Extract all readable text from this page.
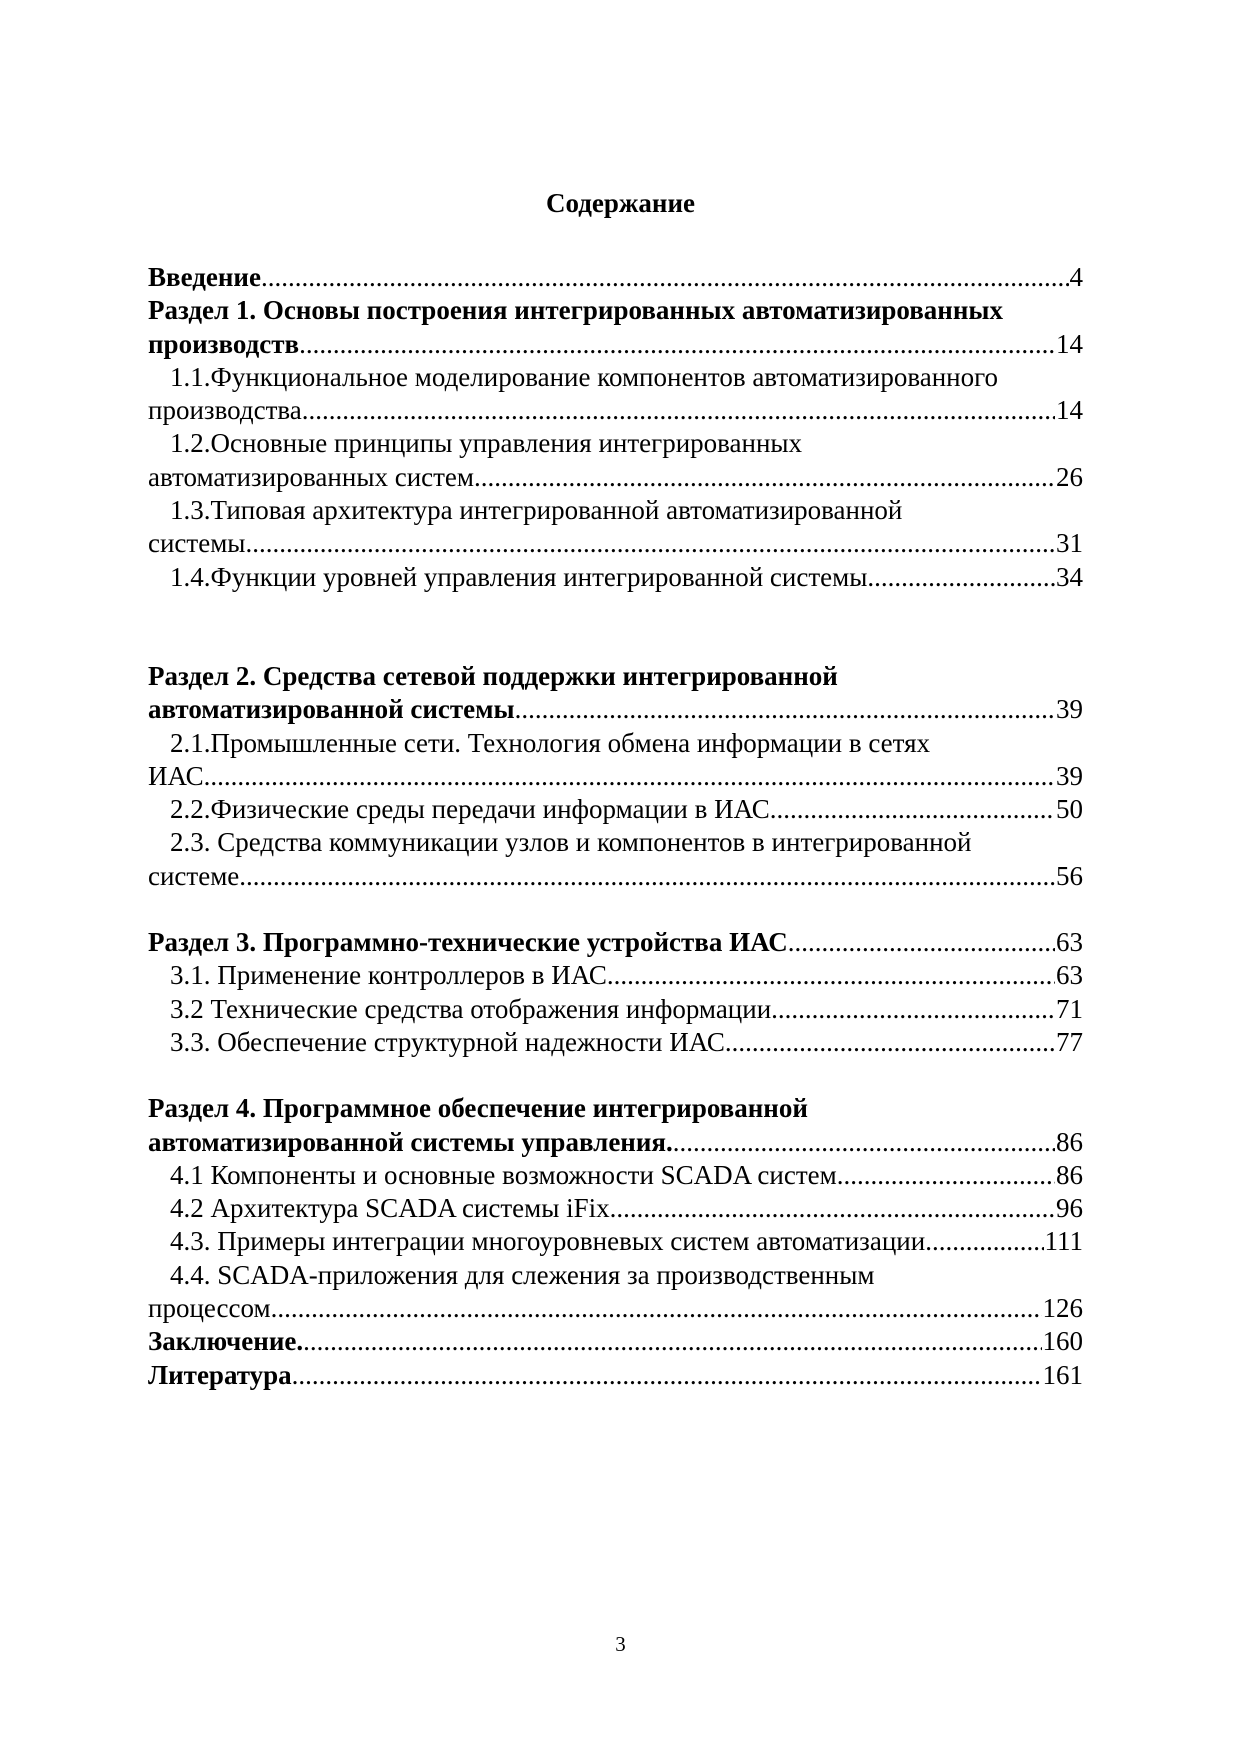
Содержание
Введение .....	4
Раздел 1. Основы построения интегрированных автоматизированных
производств .....	14
1.1.Функциональное моделирование компонентов автоматизированного
производства .....	14
1.2.Основные принципы управления интегрированных
автоматизированных систем .....	26
1.3.Типовая архитектура интегрированной автоматизированной
системы .....	31
1.4.Функции уровней управления интегрированной системы .....	34
Раздел 2. Средства сетевой поддержки интегрированной
автоматизированной системы .....	39
2.1.Промышленные сети. Технология обмена информации в сетях
ИАС .....	39
2.2.Физические среды передачи информации в ИАС .....	50
2.3. Средства коммуникации узлов и компонентов в интегрированной
системе .....	56
Раздел 3. Программно-технические устройства ИАС .....	63
3.1. Применение контроллеров в ИАС .....	63
3.2 Технические средства отображения информации .....	71
3.3. Обеспечение структурной надежности ИАС .....	77
Раздел 4. Программное обеспечение интегрированной
автоматизированной системы управления. .....	86
4.1 Компоненты и основные возможности SCADA систем .....	86
4.2 Архитектура SCADA системы iFix .....	96
4.3. Примеры интеграции многоуровневых систем автоматизации .....	111
4.4. SCADA-приложения для слежения за производственным
процессом .....	126
Заключение. .....	160
Литература .....	161
3
